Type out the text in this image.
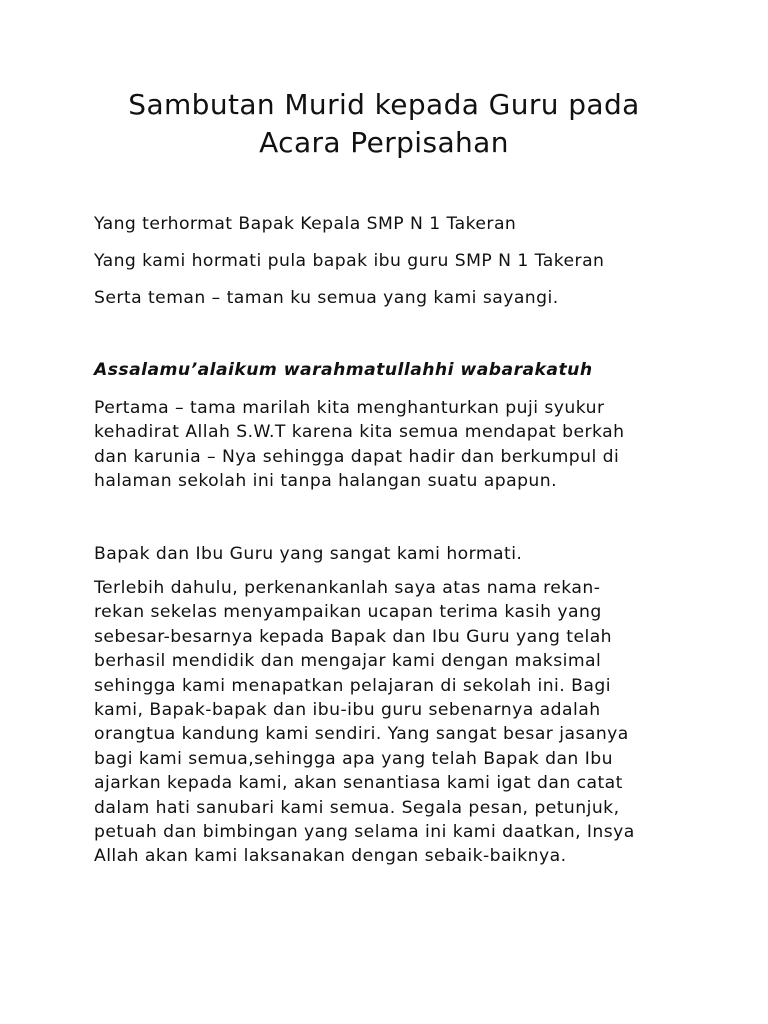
Sambutan Murid kepada Guru pada
Acara Perpisahan

Yang terhormat Bapak Kepala SMP N 1 Takeran

Yang kami hormati pula bapak ibu guru SMP N 1 Takeran

Serta teman – taman ku semua yang kami sayangi.

Assalamu’alaikum warahmatullahhi wabarakatuh

Pertama – tama marilah kita menghanturkan puji syukur
kehadirat Allah S.W.T karena kita semua mendapat berkah
dan karunia – Nya sehingga dapat hadir dan berkumpul di
halaman sekolah ini tanpa halangan suatu apapun.

Bapak dan Ibu Guru yang sangat kami hormati.

Terlebih dahulu, perkenankanlah saya atas nama rekan-
rekan sekelas menyampaikan ucapan terima kasih yang
sebesar-besarnya kepada Bapak dan Ibu Guru yang telah
berhasil mendidik dan mengajar kami dengan maksimal
sehingga kami menapatkan pelajaran di sekolah ini. Bagi
kami, Bapak-bapak dan ibu-ibu guru sebenarnya adalah
orangtua kandung kami sendiri. Yang sangat besar jasanya
bagi kami semua,sehingga apa yang telah Bapak dan Ibu
ajarkan kepada kami, akan senantiasa kami igat dan catat
dalam hati sanubari kami semua. Segala pesan, petunjuk,
petuah dan bimbingan yang selama ini kami daatkan, Insya
Allah akan kami laksanakan dengan sebaik-baiknya.
